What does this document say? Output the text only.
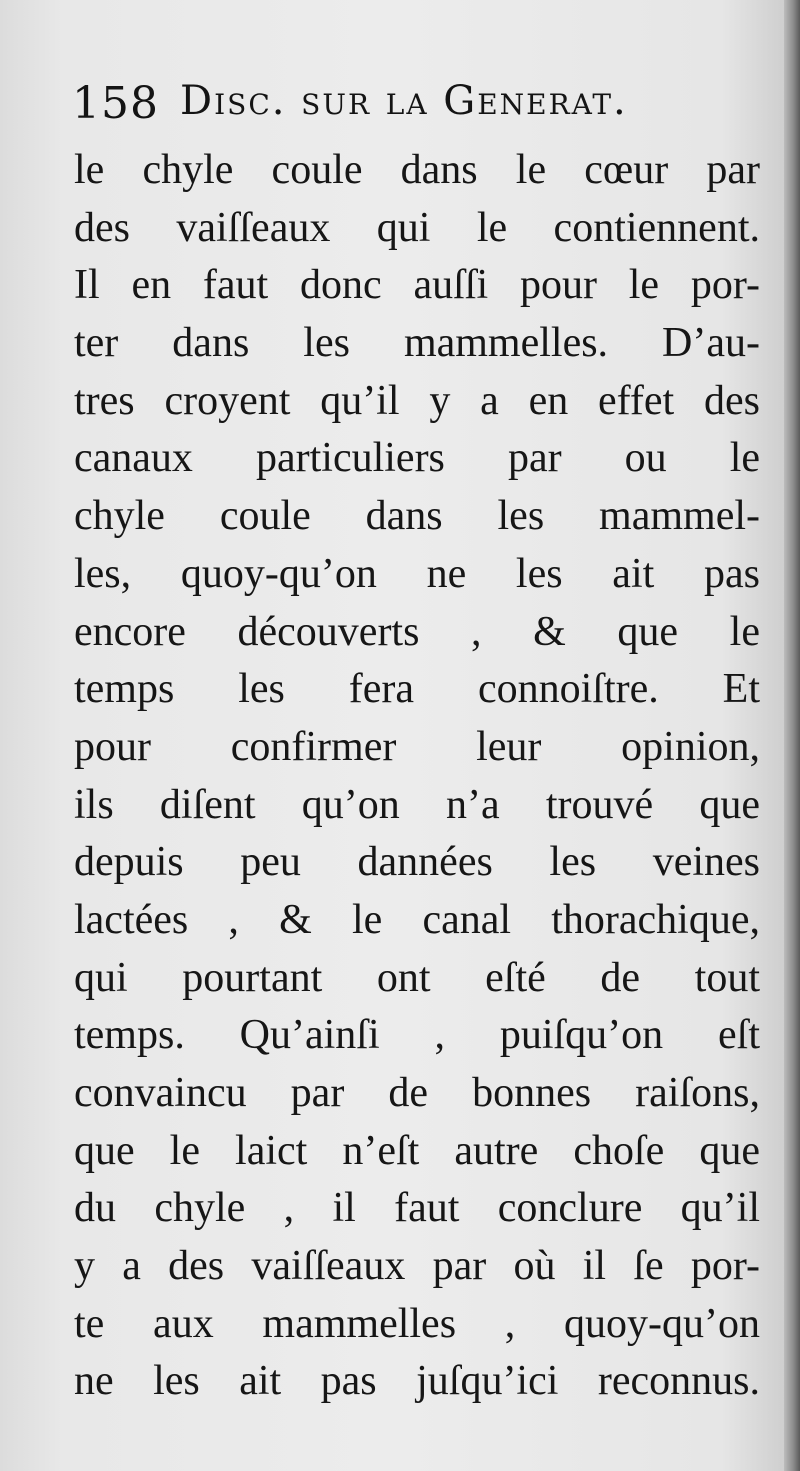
158 Disc. sur la Generat.
le chyle coule dans le cœur par
des vaiſſeaux qui le contiennent.
Il en faut donc auſſi pour le por-
ter dans les mammelles. D’au-
tres croyent qu’il y a en effet des
canaux particuliers par ou le
chyle coule dans les mammel-
les, quoy-qu’on ne les ait pas
encore découverts , & que le
temps les fera connoiſtre. Et
pour confirmer leur opinion,
ils diſent qu’on n’a trouvé que
depuis peu dannées les veines
lactées , & le canal thorachique,
qui pourtant ont eſté de tout
temps. Qu’ainſi , puiſqu’on eſt
convaincu par de bonnes raiſons,
que le laict n’eſt autre choſe que
du chyle , il faut conclure qu’il
y a des vaiſſeaux par où il ſe por-
te aux mammelles , quoy-qu’on
ne les ait pas juſqu’ici reconnus.
